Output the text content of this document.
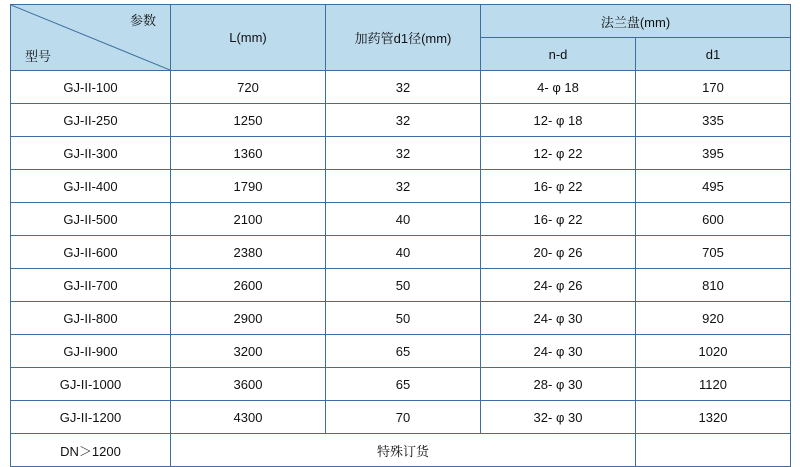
参数
型号	L(mm)	加药管d1径(mm)	法兰盘(mm)	
			n-d	d1
GJ-II-100	720	32	4- φ 18	170
GJ-II-250	1250	32	12- φ 18	335
GJ-II-300	1360	32	12- φ 22	395
GJ-II-400	1790	32	16- φ 22	495
GJ-II-500	2100	40	16- φ 22	600
GJ-II-600	2380	40	20- φ 26	705
GJ-II-700	2600	50	24- φ 26	810
GJ-II-800	2900	50	24- φ 30	920
GJ-II-900	3200	65	24- φ 30	1020
GJ-II-1000	3600	65	28- φ 30	1120
GJ-II-1200	4300	70	32- φ 30	1320
DN＞1200	特殊订货			
